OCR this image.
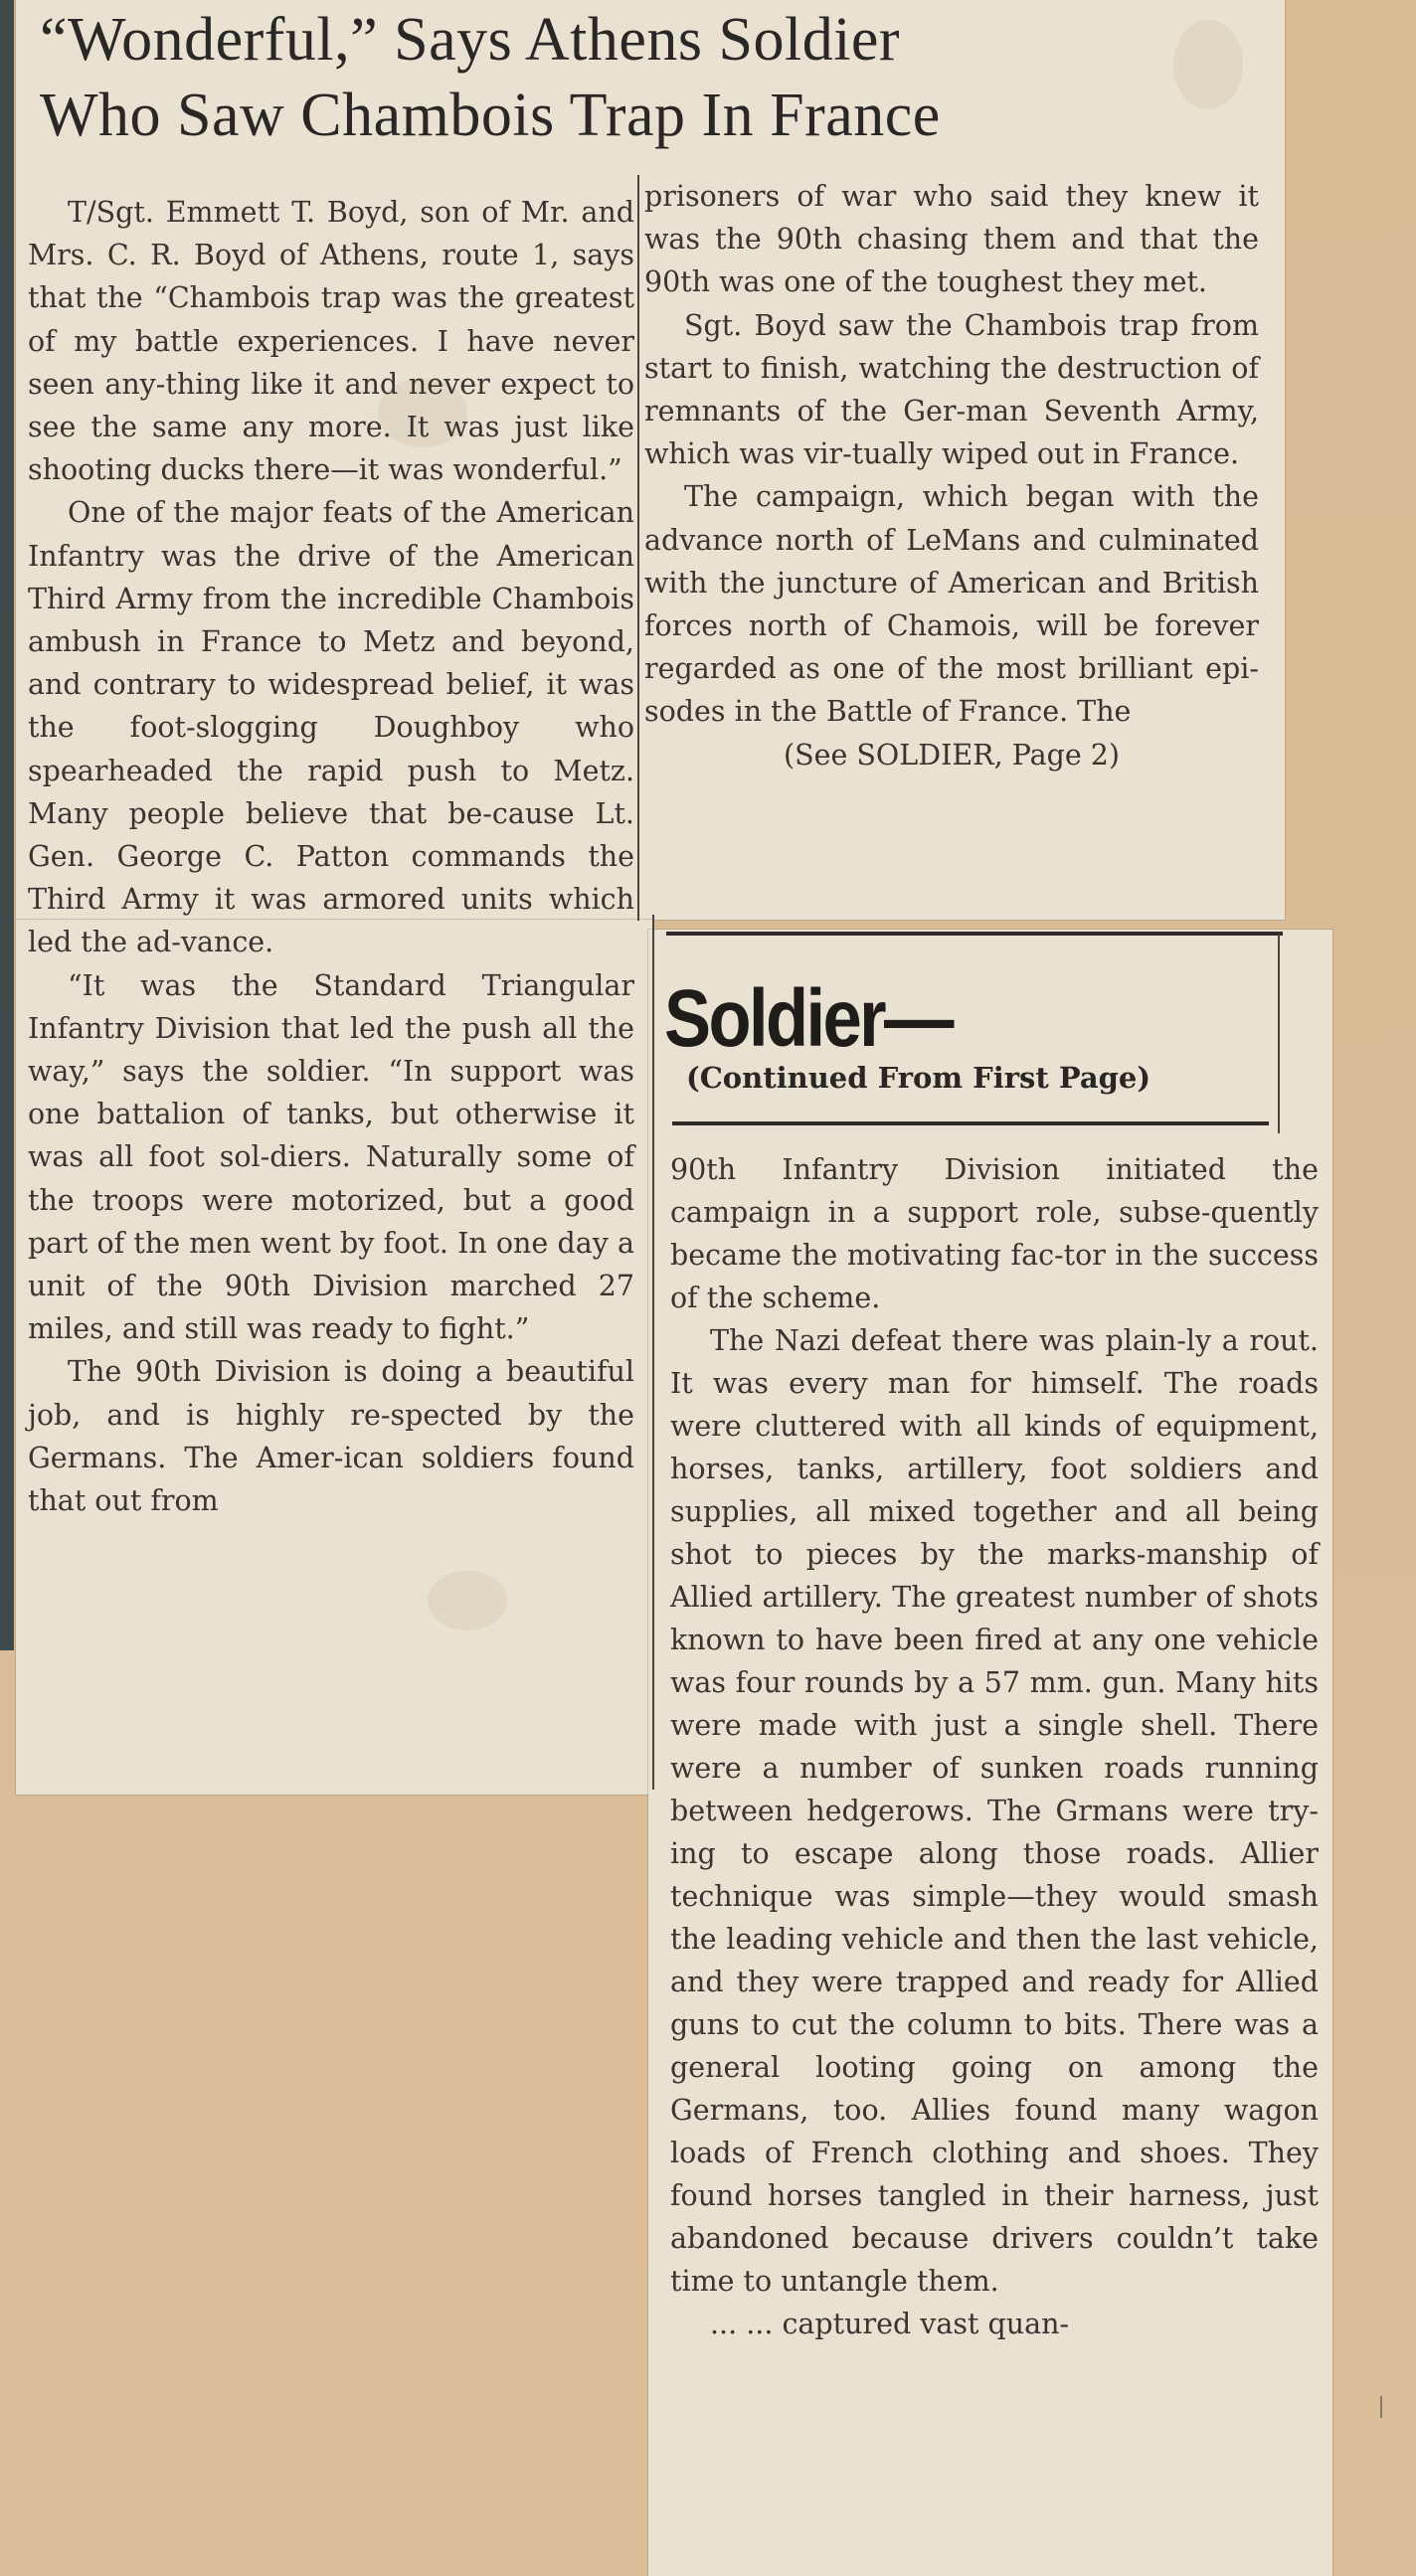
“Wonderful,” Says Athens Soldier
Who Saw Chambois Trap In France

T/Sgt. Emmett T. Boyd, son of Mr. and Mrs. C. R. Boyd of Athens, route 1, says that the “Chambois trap was the greatest of my battle experiences. I have never seen any-thing like it and never expect to see the same any more. It was just like shooting ducks there—it was wonderful.”

One of the major feats of the American Infantry was the drive of the American Third Army from the incredible Chambois ambush in France to Metz and beyond, and contrary to widespread belief, it was the foot-slogging Doughboy who spearheaded the rapid push to Metz. Many people believe that be-cause Lt. Gen. George C. Patton commands the Third Army it was armored units which led the ad-vance.

“It was the Standard Triangular Infantry Division that led the push all the way,” says the soldier. “In support was one battalion of tanks, but otherwise it was all foot sol-diers. Naturally some of the troops were motorized, but a good part of the men went by foot. In one day a unit of the 90th Division marched 27 miles, and still was ready to fight.”

The 90th Division is doing a beautiful job, and is highly re-spected by the Germans. The Amer-ican soldiers found that out from

prisoners of war who said they knew it was the 90th chasing them and that the 90th was one of the toughest they met.

Sgt. Boyd saw the Chambois trap from start to finish, watching the destruction of remnants of the Ger-man Seventh Army, which was vir-tually wiped out in France.

The campaign, which began with the advance north of LeMans and culminated with the juncture of American and British forces north of Chamois, will be forever regarded as one of the most brilliant epi-sodes in the Battle of France. The

(See SOLDIER, Page 2)

Soldier—
(Continued From First Page)

90th Infantry Division initiated the campaign in a support role, subse-quently became the motivating fac-tor in the success of the scheme.

The Nazi defeat there was plain-ly a rout. It was every man for himself. The roads were cluttered with all kinds of equipment, horses, tanks, artillery, foot soldiers and supplies, all mixed together and all being shot to pieces by the marks-manship of Allied artillery. The greatest number of shots known to have been fired at any one vehicle was four rounds by a 57 mm. gun. Many hits were made with just a single shell. There were a number of sunken roads running between hedgerows. The Grmans were try-ing to escape along those roads. Allier technique was simple—they would smash the leading vehicle and then the last vehicle, and they were trapped and ready for Allied guns to cut the column to bits. There was a general looting going on among the Germans, too. Allies found many wagon loads of French clothing and shoes. They found horses tangled in their harness, just abandoned because drivers couldn’t take time to untangle them.

... ... captured vast quan-
